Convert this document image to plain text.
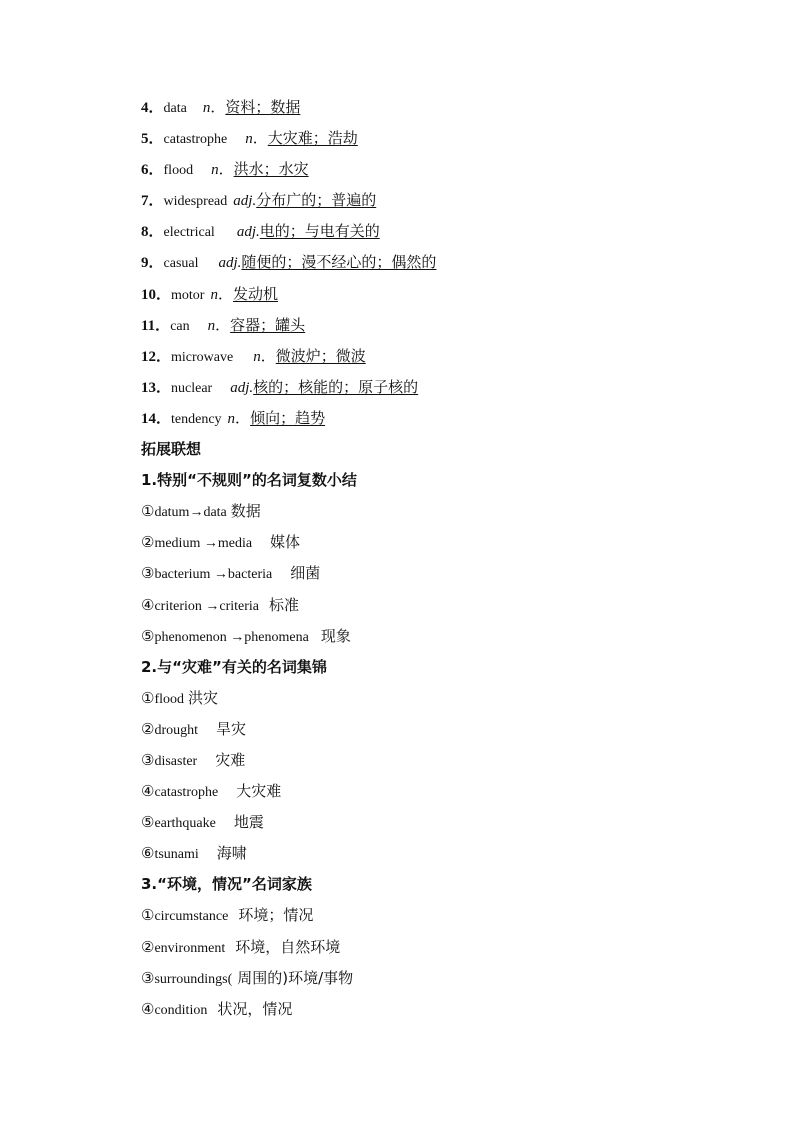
4．data n．资料；数据
5．catastrophe n．大灾难；浩劫
6．flood n．洪水；水灾
7．widespread adj.分布广的；普遍的
8．electrical adj.电的；与电有关的
9．casual adj.随便的；漫不经心的；偶然的
10．motor n．发动机
11．can n．容器；罐头
12．microwave n．微波炉；微波
13．nuclear adj.核的；核能的；原子核的
14．tendency n．倾向；趋势
拓展联想
1.特别“不规则”的名词复数小结
①datum→data 数据
②medium →media 媒体
③bacterium →bacteria 细菌
④criterion →criteria 标准
⑤phenomenon →phenomena 现象
2.与“灾难”有关的名词集锦
①flood 洪灾
②drought 旱灾
③disaster 灾难
④catastrophe 大灾难
⑤earthquake 地震
⑥tsunami 海啸
3.“环境，情况”名词家族
①circumstance 环境；情况
②environment 环境，自然环境
③surroundings( 周围的)环境/事物
④condition 状况，情况
